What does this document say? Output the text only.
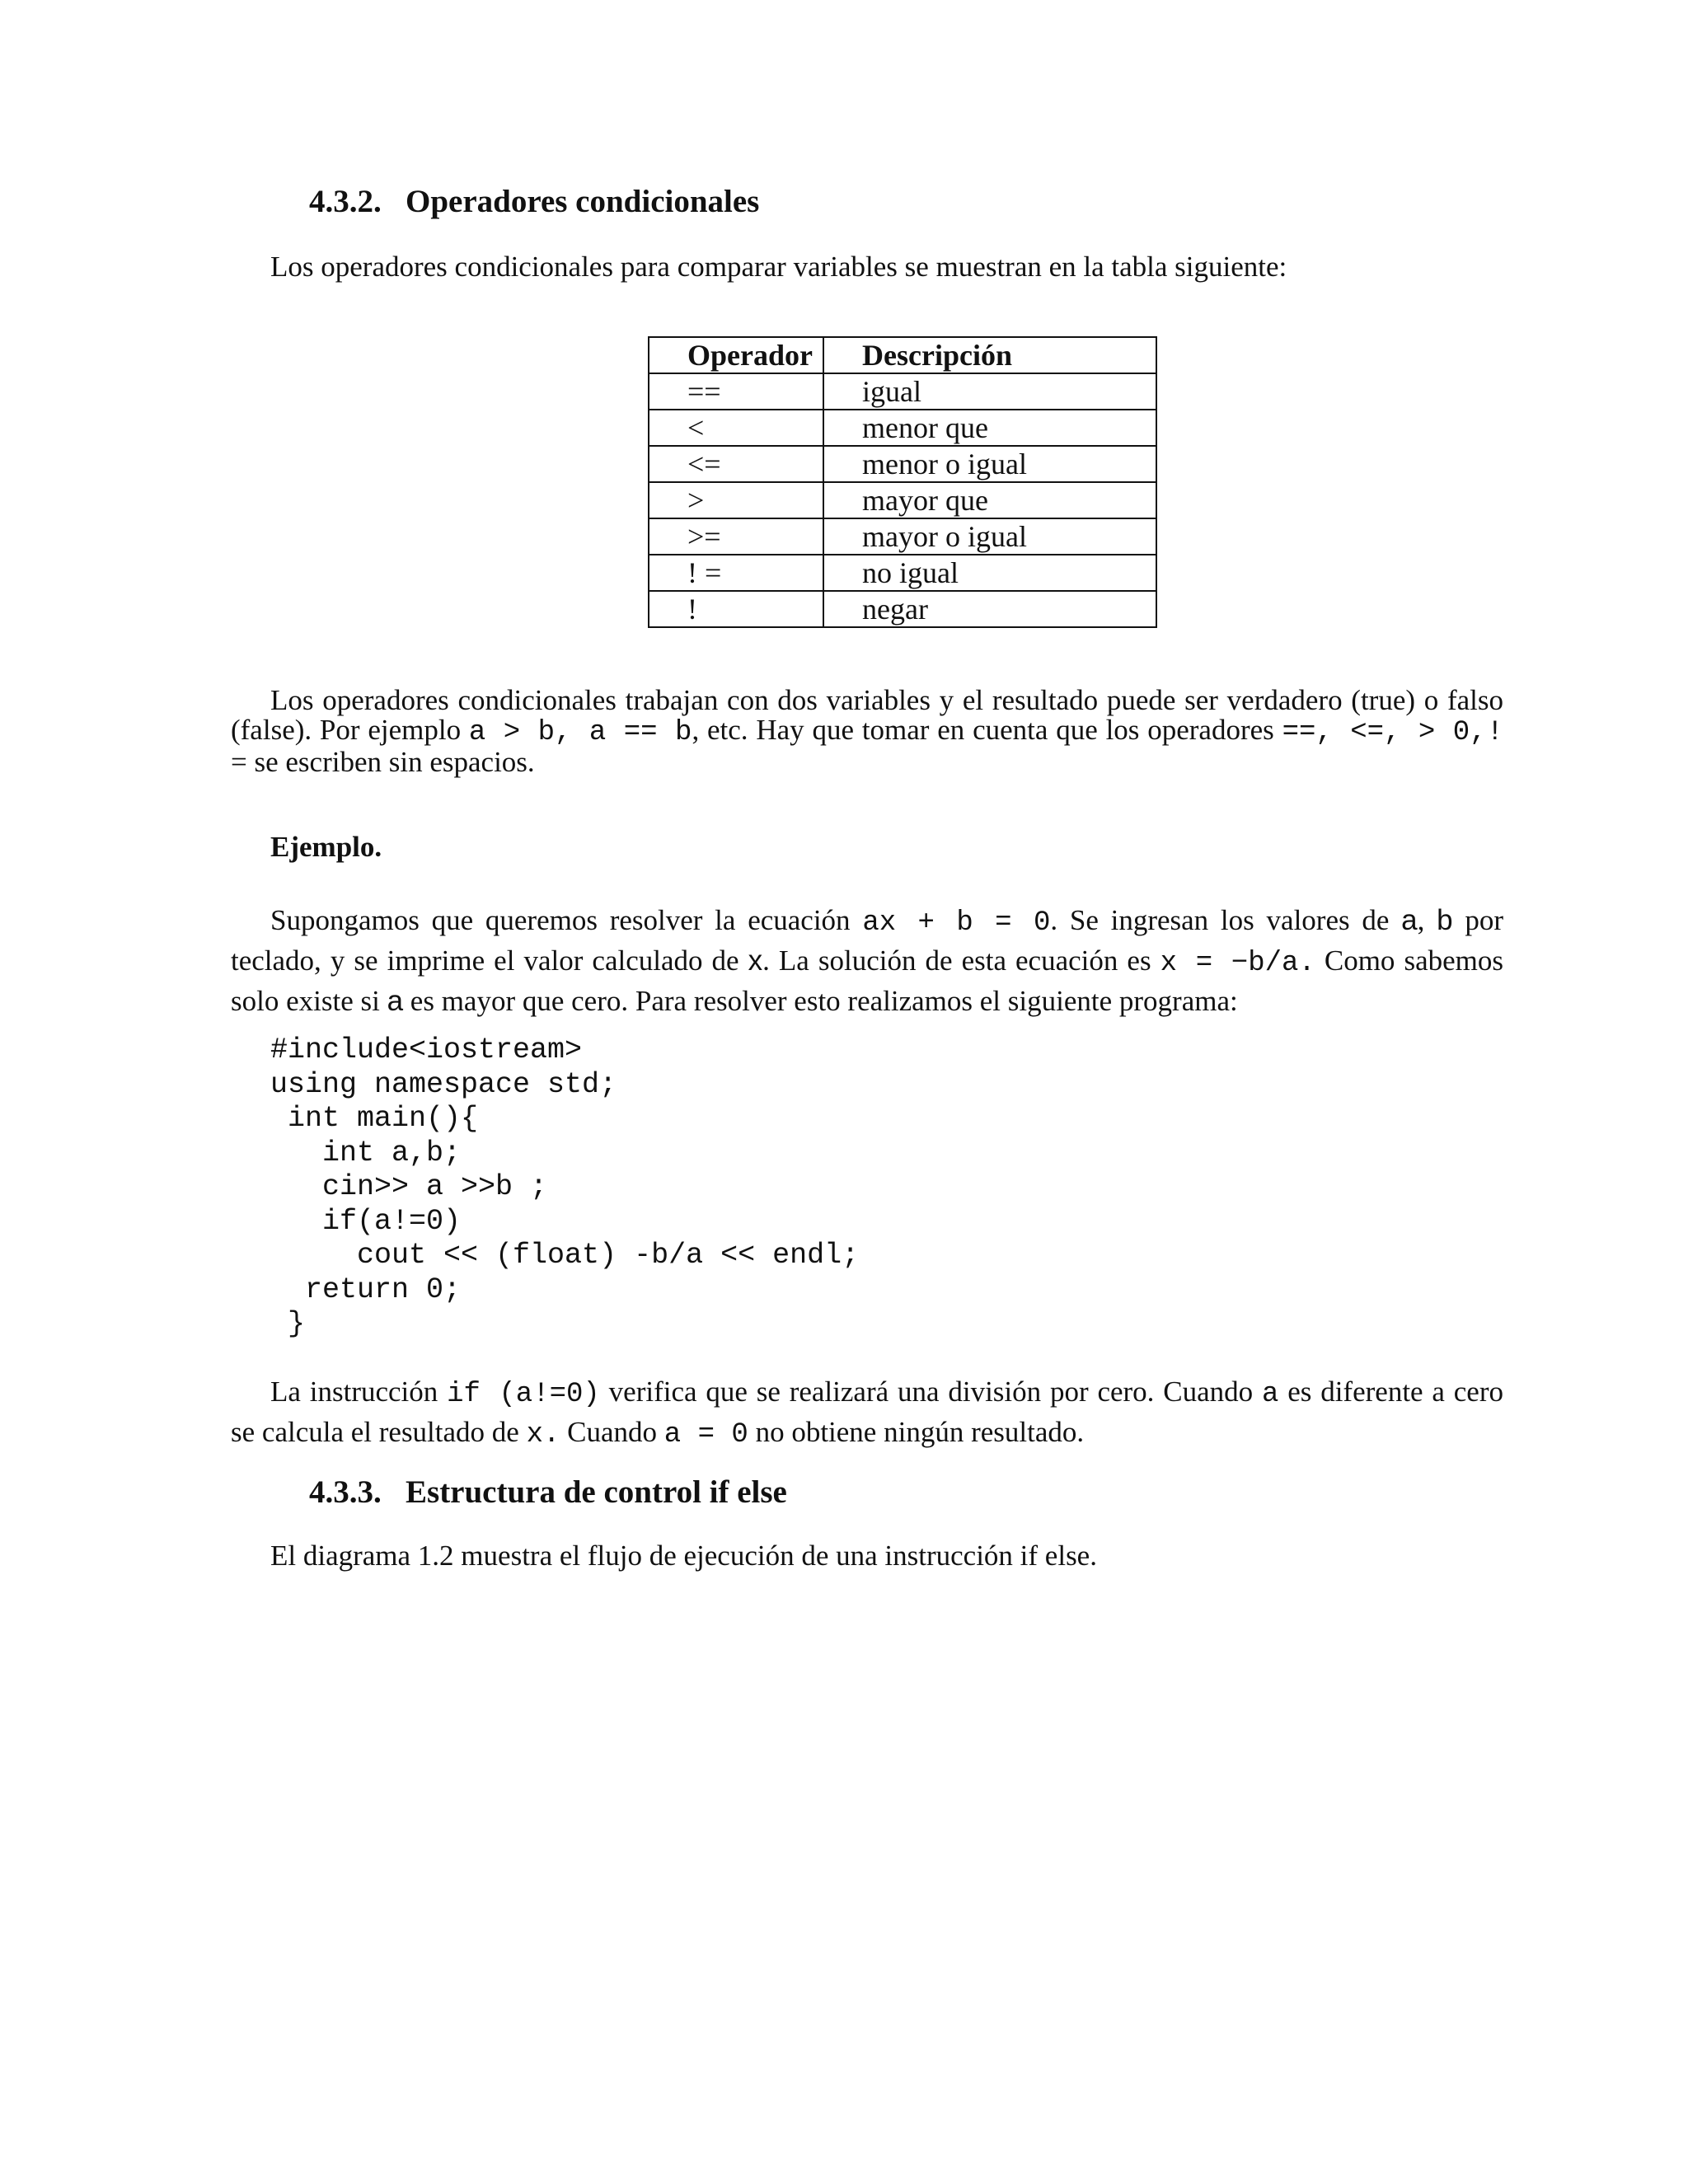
4.3.2. Operadores condicionales
Los operadores condicionales para comparar variables se muestran en la tabla siguiente:
Operador	Descripción
==	igual
<	menor que
<=	menor o igual
>	mayor que
>=	mayor o igual
! =	no igual
!	negar
Los operadores condicionales trabajan con dos variables y el resultado puede ser verdadero (true) o falso (false). Por ejemplo a > b, a == b, etc. Hay que tomar en cuenta que los operadores ==, <=, > 0,! = se escriben sin espacios.
Ejemplo.
Supongamos que queremos resolver la ecuación ax + b = 0. Se ingresan los valores de a, b por teclado, y se imprime el valor calculado de x. La solución de esta ecuación es x = −b/a. Como sabemos solo existe si a es mayor que cero. Para resolver esto realizamos el siguiente programa:
#include<iostream>
using namespace std;
int main(){
int a,b;
cin>> a >>b ;
if(a!=0)
cout << (float) -b/a << endl;
return 0;
}
La instrucción if (a!=0) verifica que se realizará una división por cero. Cuando a es diferente a cero se calcula el resultado de x. Cuando a = 0 no obtiene ningún resultado.
4.3.3. Estructura de control if else
El diagrama 1.2 muestra el flujo de ejecución de una instrucción if else.
